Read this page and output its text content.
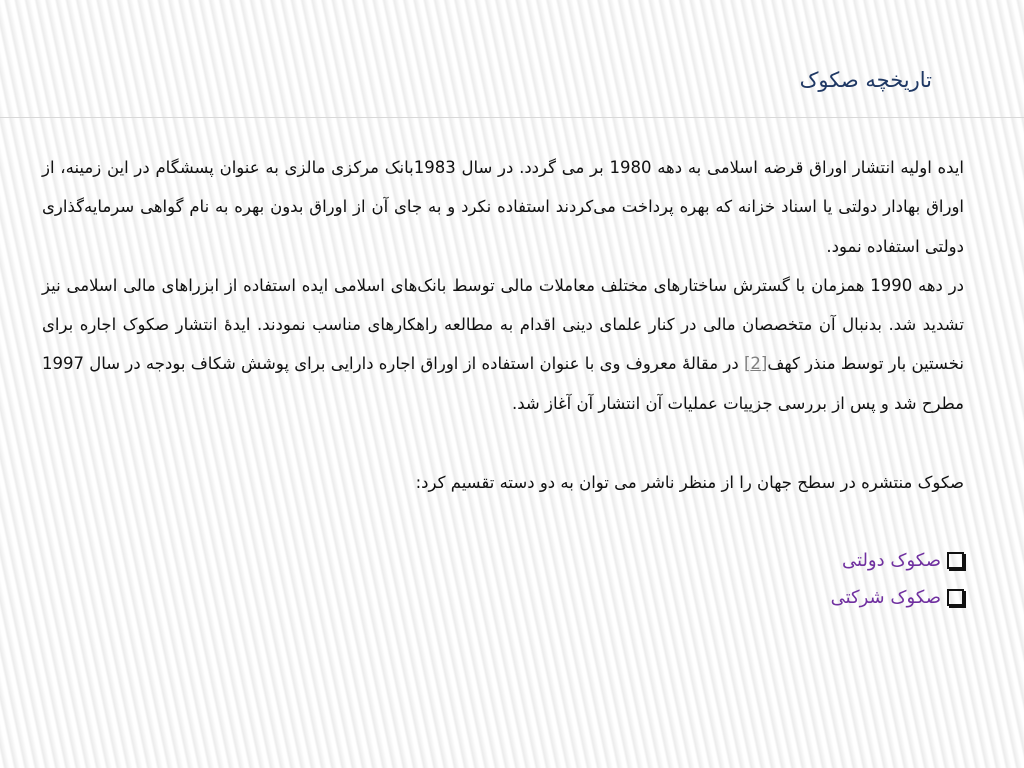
تاریخچه صکوک

ایده اولیه انتشار اوراق قرضه اسلامی به دهه 1980 بر می گردد. در سال 1983بانک مرکزی مالزی به عنوان پسشگام در این زمینه، از اوراق بهادار دولتی یا اسناد خزانه که بهره پرداخت می‌کردند استفاده نکرد و به جای آن از اوراق بدون بهره به نام گواهی سرمایه‌گذاری دولتی استفاده نمود.

در دهه 1990 همزمان با گسترش ساختارهای مختلف معاملات مالی توسط بانک‌های اسلامی ایده استفاده از ابزراهای مالی اسلامی نیز تشدید شد. بدنبال آن متخصصان مالی در کنار علمای دینی اقدام به مطالعه راهکارهای مناسب نمودند. ایدۀ انتشار صکوک اجاره برای نخستین بار توسط منذر کهف[2] در مقالۀ معروف وی با عنوان استفاده از اوراق اجاره دارایی برای پوشش شکاف بودجه در سال 1997 مطرح شد و پس از بررسی جزییات عملیات آن انتشار آن آغاز شد.

صکوک منتشره در سطح جهان را از منظر ناشر می توان به دو دسته تقسیم کرد:

صکوک دولتی
صکوک شرکتی
